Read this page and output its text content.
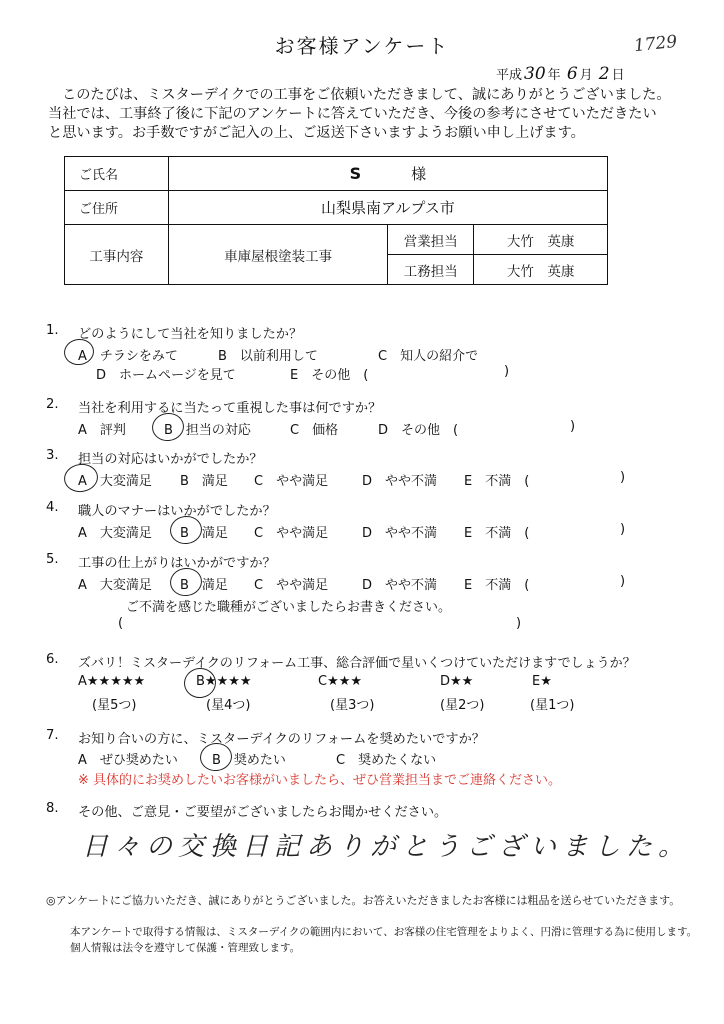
お客様アンケート	1729
平成 30 年 6 月 2 日
このたびは、ミスターデイクでの工事をご依頼いただきまして、誠にありがとうございました。
当社では、工事終了後に下記のアンケートに答えていただき、今後の参考にさせていただきたい
と思います。お手数ですがご記入の上、ご返送下さいますようお願い申し上げます。
ご氏名	S 様		
ご住所	山梨県南アルプス市		
工事内容	車庫屋根塗装工事	営業担当	大竹　英康
		工務担当	大竹　英康
1. どのようにして当社を知りましたか？
A　チラシをみて	B　以前利用して	C　知人の紹介で
D　ホームページを見て	E　その他　(	)
2. 当社を利用するに当たって重視した事は何ですか？
A　評判	B　担当の対応	C　価格	D　その他　(	)
3. 担当の対応はいかがでしたか？
A　大変満足 B　満足 C　やや満足	D　やや不満 E　不満　(	)
4. 職人のマナーはいかがでしたか？
A　大変満足 B　満足 C　やや満足	D　やや不満 E　不満　(	)
5. 工事の仕上がりはいかがですか？
A　大変満足 B　満足 C　やや満足	D　やや不満 E　不満　(	)
ご不満を感じた職種がございましたらお書きください。
(	)
6. ズバリ！ミスターデイクのリフォーム工事、総合評価で星いくつけていただけますでしょうか？
A★★★★★
(星5つ)
B★★★★
(星4つ)
C★★★
(星3つ)
D★★
(星2つ)
E★
(星1つ)
7. お知り合いの方に、ミスターデイクのリフォームを奨めたいですか？
A　ぜひ奨めたい	B　奨めたい	C　奨めたくない
※ 具体的にお奨めしたいお客様がいましたら、ぜひ営業担当までご連絡ください。
8. その他、ご意見・ご要望がございましたらお聞かせください。
日々の交換日記ありがとうございました。
◎アンケートにご協力いただき、誠にありがとうございました。お答えいただきましたお客様には粗品を送らせていただきます。
本アンケートで取得する情報は、ミスターデイクの範囲内において、お客様の住宅管理をよりよく、円滑に管理する為に使用します。
個人情報は法令を遵守して保護・管理致します。
